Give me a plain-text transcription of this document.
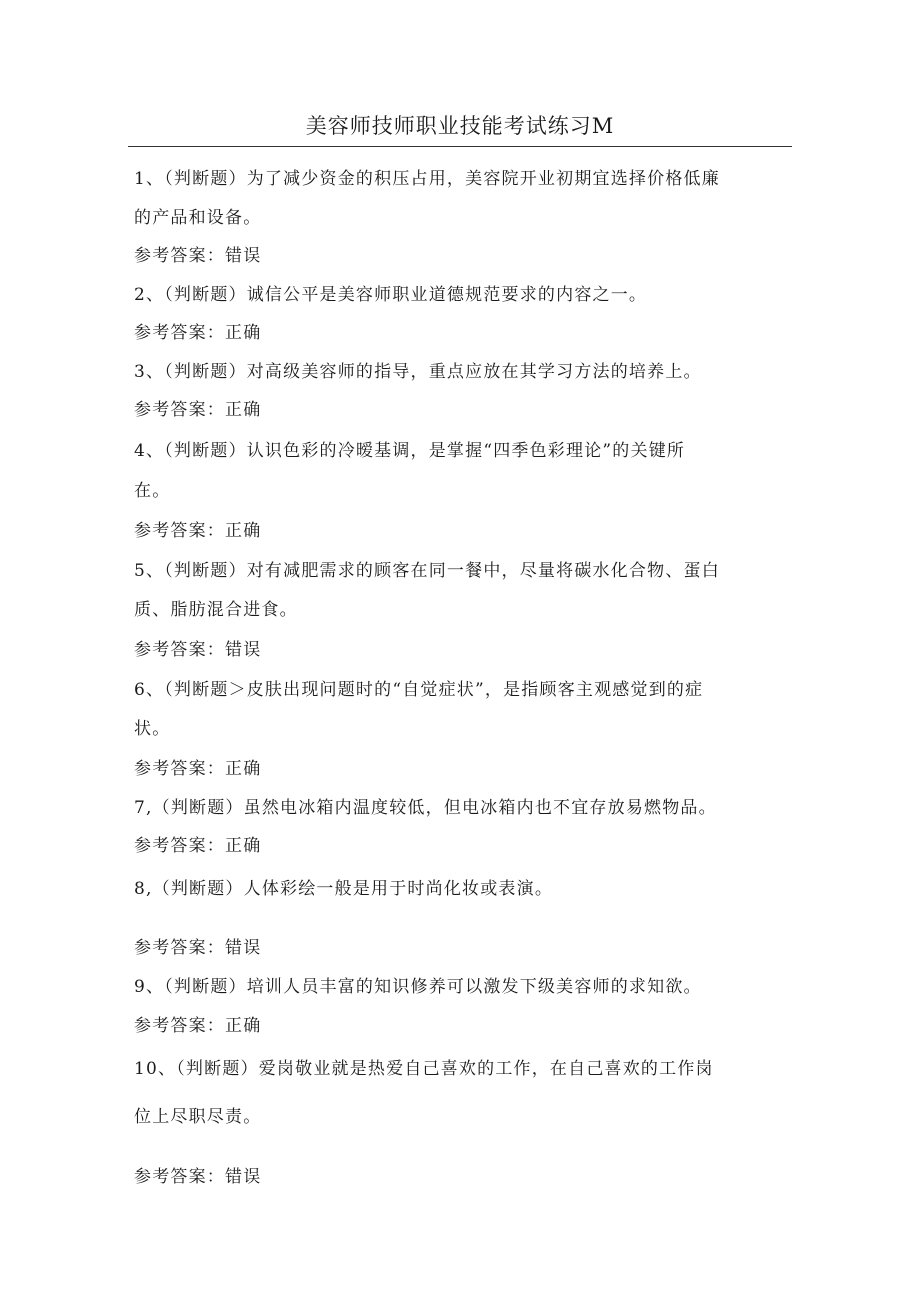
美容师技师职业技能考试练习M
1、（判断题）为了减少资金的积压占用，美容院开业初期宜选择价格低廉
的产品和设备。
参考答案：错误
2、（判断题）诚信公平是美容师职业道德规范要求的内容之一。
参考答案：正确
3、（判断题）对高级美容师的指导，重点应放在其学习方法的培养上。
参考答案：正确
4、（判断题）认识色彩的冷暧基调，是掌握“四季色彩理论”的关键所
在。
参考答案：正确
5、（判断题）对有减肥需求的顾客在同一餐中，尽量将碳水化合物、蛋白
质、脂肪混合进食。
参考答案：错误
6、（判断题＞皮肤出现问题时的“自觉症状”，是指顾客主观感觉到的症
状。
参考答案：正确
7,（判断题）虽然电冰箱内温度较低，但电冰箱内也不宜存放易燃物品。
参考答案：正确
8,（判断题）人体彩绘一般是用于时尚化妆或表演。
参考答案：错误
9、（判断题）培训人员丰富的知识修养可以激发下级美容师的求知欲。
参考答案：正确
10、（判断题）爱岗敬业就是热爱自己喜欢的工作，在自己喜欢的工作岗
位上尽职尽责。
参考答案：错误
